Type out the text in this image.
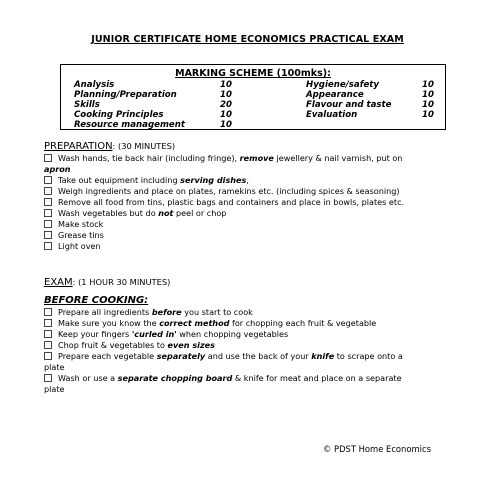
JUNIOR CERTIFICATE HOME ECONOMICS PRACTICAL EXAM
MARKING SCHEME (100mks):
Analysis	10
Planning/Preparation	10
Skills	20
Cooking Principles	10
Resource management	10
Hygiene/safety	10
Appearance	10
Flavour and taste	10
Evaluation	10
PREPARATION: (30 MINUTES)
Wash hands, tie back hair (including fringe), remove jewellery & nail varnish, put on
apron
Take out equipment including serving dishes,
Weigh ingredients and place on plates, ramekins etc. (including spices & seasoning)
Remove all food from tins, plastic bags and containers and place in bowls, plates etc.
Wash vegetables but do not peel or chop
Make stock
Grease tins
Light oven
EXAM: (1 HOUR 30 MINUTES)
BEFORE COOKING:
Prepare all ingredients before you start to cook
Make sure you know the correct method for chopping each fruit & vegetable
Keep your fingers 'curled in' when chopping vegetables
Chop fruit & vegetables to even sizes
Prepare each vegetable separately and use the back of your knife to scrape onto a
plate
Wash or use a separate chopping board & knife for meat and place on a separate
plate
© PDST Home Economics
